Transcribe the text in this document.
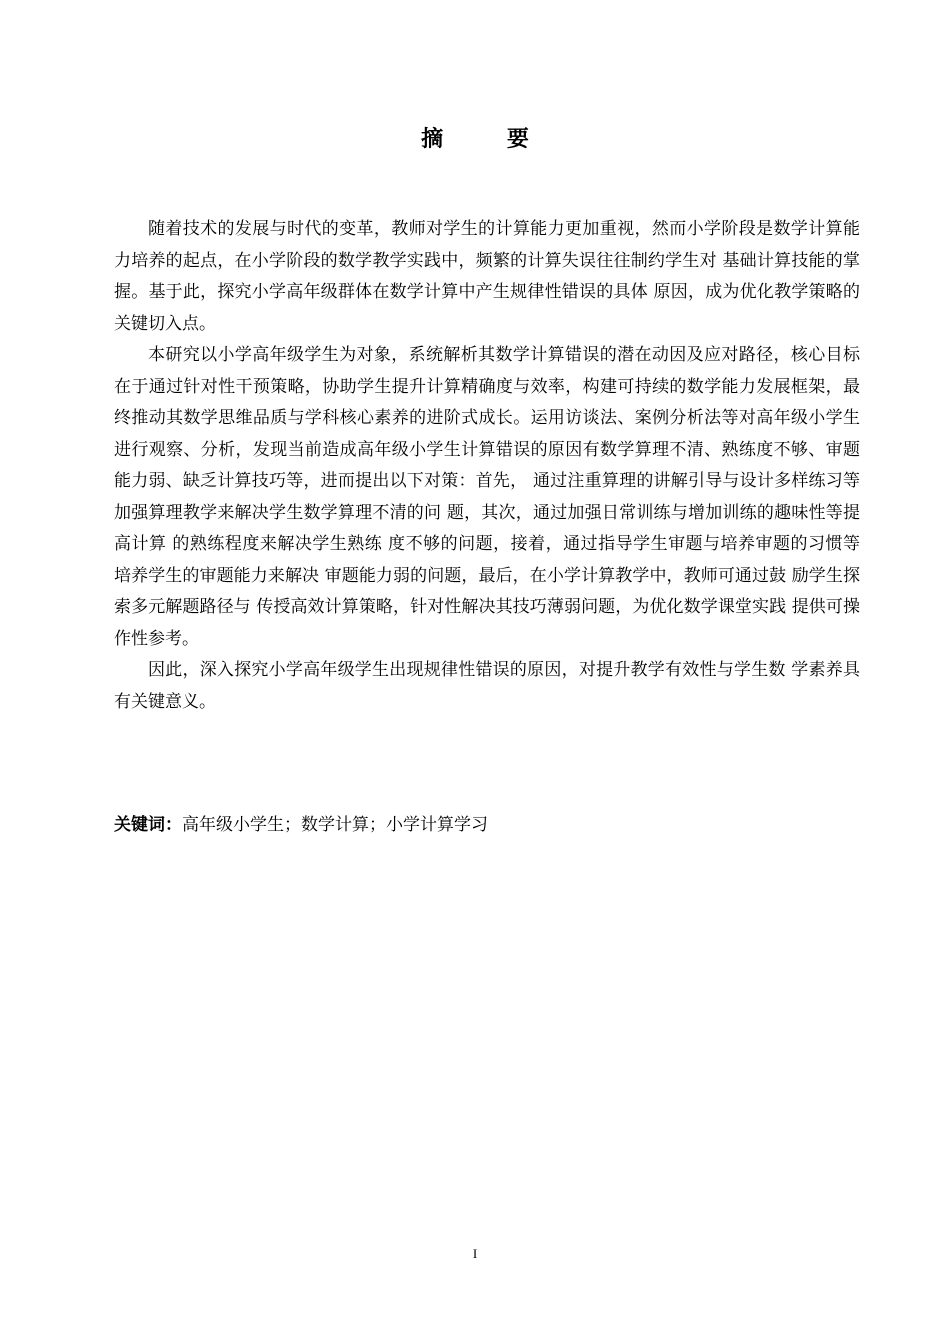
摘 要

随着技术的发展与时代的变革，教师对学生的计算能力更加重视，然而小学阶段是数学计算能力培养的起点，在小学阶段的数学教学实践中，频繁的计算失误往往制约学生对 基础计算技能的掌握。基于此，探究小学高年级群体在数学计算中产生规律性错误的具体 原因，成为优化教学策略的关键切入点。

本研究以小学高年级学生为对象，系统解析其数学计算错误的潜在动因及应对路径，核心目标在于通过针对性干预策略，协助学生提升计算精确度与效率，构建可持续的数学能力发展框架，最终推动其数学思维品质与学科核心素养的进阶式成长。运用访谈法、案例分析法等对高年级小学生进行观察、分析，发现当前造成高年级小学生计算错误的原因有数学算理不清、熟练度不够、审题能力弱、缺乏计算技巧等，进而提出以下对策：首先， 通过注重算理的讲解引导与设计多样练习等加强算理教学来解决学生数学算理不清的问 题，其次，通过加强日常训练与增加训练的趣味性等提高计算 的熟练程度来解决学生熟练 度不够的问题，接着，通过指导学生审题与培养审题的习惯等 培养学生的审题能力来解决 审题能力弱的问题，最后，在小学计算教学中，教师可通过鼓 励学生探索多元解题路径与 传授高效计算策略，针对性解决其技巧薄弱问题，为优化数学课堂实践 提供可操作性参考。

因此，深入探究小学高年级学生出现规律性错误的原因，对提升教学有效性与学生数 学素养具有关键意义。

关键词：高年级小学生；数学计算；小学计算学习

I
